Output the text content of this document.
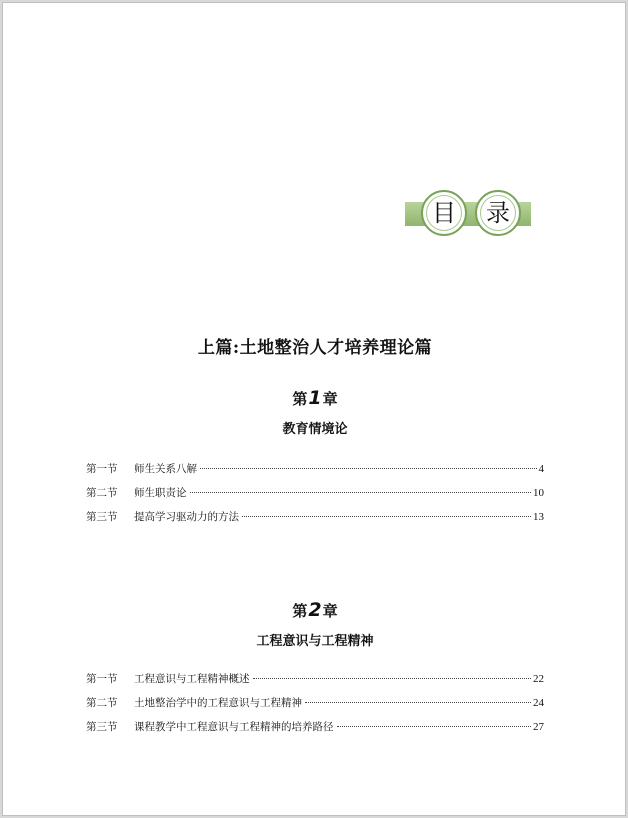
目 录
上篇:土地整治人才培养理论篇
第1章
教育情境论
第一节	师生关系八解	4
第二节	师生职责论	10
第三节	提高学习驱动力的方法	13
第2章
工程意识与工程精神
第一节	工程意识与工程精神概述	22
第二节	土地整治学中的工程意识与工程精神	24
第三节	课程教学中工程意识与工程精神的培养路径	27
